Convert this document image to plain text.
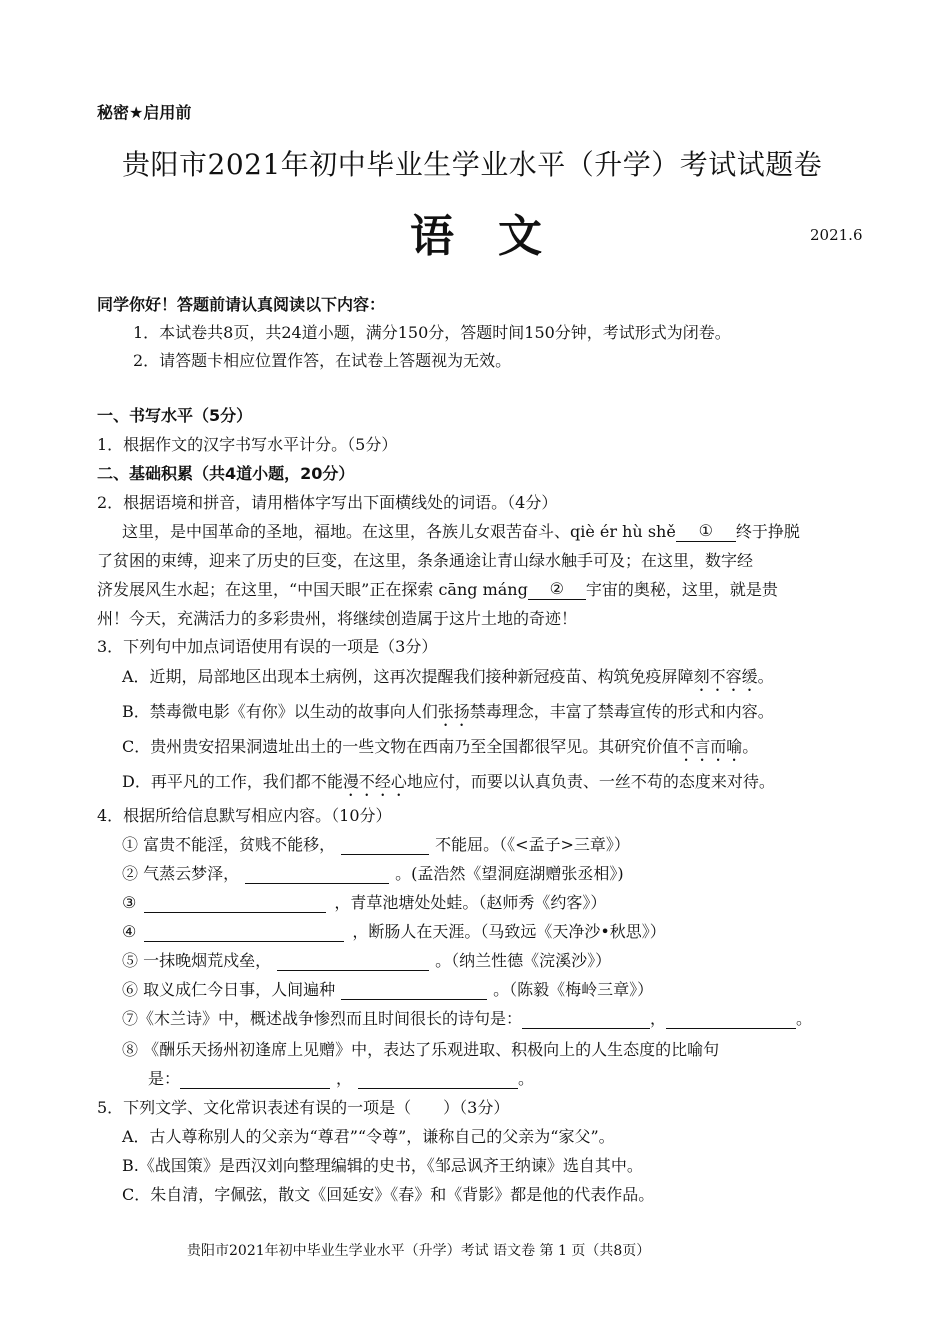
秘密★启用前
贵阳市2021年初中毕业生学业水平（升学）考试试题卷
语　文	2021.6
同学你好！答题前请认真阅读以下内容：
1．本试卷共8页，共24道小题，满分150分，答题时间150分钟，考试形式为闭卷。
2．请答题卡相应位置作答，在试卷上答题视为无效。
一、书写水平（5分）
1．根据作文的汉字书写水平计分。（5分）
二、基础积累（共4道小题，20分）
2．根据语境和拼音，请用楷体字写出下面横线处的词语。（4分）
这里，是中国革命的圣地，福地。在这里，各族儿女艰苦奋斗、qiè ér hù shě ① 终于挣脱
了贫困的束缚，迎来了历史的巨变，在这里，条条通途让青山绿水触手可及；在这里，数字经
济发展风生水起；在这里，“中国天眼”正在探索 cāng máng ② 宇宙的奥秘，这里，就是贵
州！今天，充满活力的多彩贵州，将继续创造属于这片土地的奇迹！
3．下列句中加点词语使用有误的一项是（3分）
A．近期，局部地区出现本土病例，这再次提醒我们接种新冠疫苗、构筑免疫屏障刻不容缓。
B．禁毒微电影《有你》以生动的故事向人们张扬禁毒理念，丰富了禁毒宣传的形式和内容。
C．贵州贵安招果洞遗址出土的一些文物在西南乃至全国都很罕见。其研究价值不言而喻。
D．再平凡的工作，我们都不能漫不经心地应付，而要以认真负责、一丝不苟的态度来对待。
4．根据所给信息默写相应内容。（10分）
① 富贵不能淫，贫贱不能移，	不能屈。（《<孟子>三章》）
② 气蒸云梦泽，	。(孟浩然《望洞庭湖赠张丞相》)
③	，青草池塘处处蛙。（赵师秀《约客》）
④	，断肠人在天涯。（马致远《天净沙•秋思》）
⑤ 一抹晚烟荒戍垒，	。（纳兰性德《浣溪沙》）
⑥ 取义成仁今日事，人间遍种	。（陈毅《梅岭三章》）
⑦《木兰诗》中，概述战争惨烈而且时间很长的诗句是：	，	。
⑧ 《酬乐天扬州初逢席上见赠》中，表达了乐观进取、积极向上的人生态度的比喻句
是：	，	。
5．下列文学、文化常识表述有误的一项是（　　）（3分）
A．古人尊称别人的父亲为“尊君”“令尊”，谦称自己的父亲为“家父”。
B.《战国策》是西汉刘向整理编辑的史书，《邹忌讽齐王纳谏》选自其中。
C．朱自清，字佩弦，散文《回延安》《春》和《背影》都是他的代表作品。
贵阳市2021年初中毕业生学业水平（升学）考试 语文卷 第 1 页（共8页）
